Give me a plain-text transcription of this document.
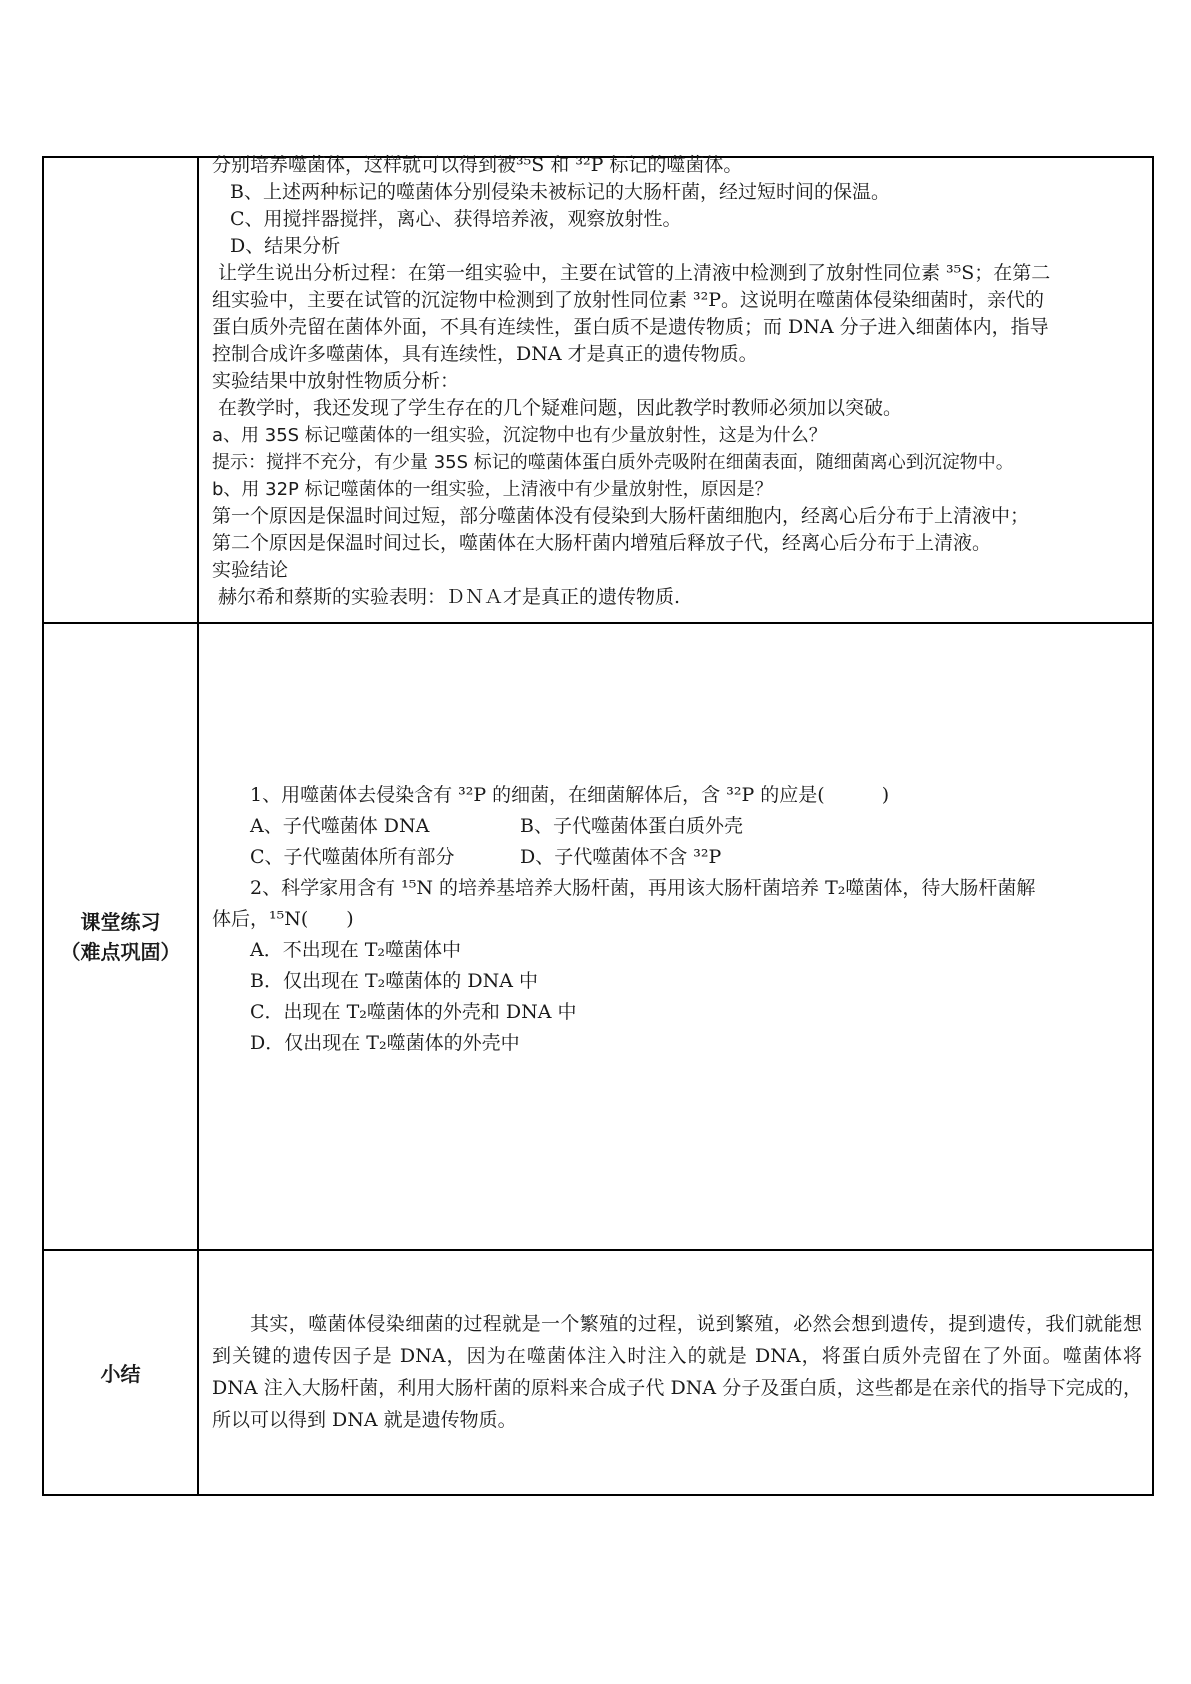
分别培养噬菌体，这样就可以得到被³⁵S 和 ³²P 标记的噬菌体。
B、上述两种标记的噬菌体分别侵染未被标记的大肠杆菌，经过短时间的保温。
C、用搅拌器搅拌，离心、获得培养液，观察放射性。
D、结果分析
让学生说出分析过程：在第一组实验中，主要在试管的上清液中检测到了放射性同位素 ³⁵S；在第二
组实验中，主要在试管的沉淀物中检测到了放射性同位素 ³²P。这说明在噬菌体侵染细菌时，亲代的
蛋白质外壳留在菌体外面，不具有连续性，蛋白质不是遗传物质；而 DNA 分子进入细菌体内，指导
控制合成许多噬菌体，具有连续性，DNA 才是真正的遗传物质。
实验结果中放射性物质分析：
在教学时，我还发现了学生存在的几个疑难问题，因此教学时教师必须加以突破。
a、用 35S 标记噬菌体的一组实验，沉淀物中也有少量放射性，这是为什么？
提示：搅拌不充分，有少量 35S 标记的噬菌体蛋白质外壳吸附在细菌表面，随细菌离心到沉淀物中。
b、用 32P 标记噬菌体的一组实验，上清液中有少量放射性，原因是？
第一个原因是保温时间过短，部分噬菌体没有侵染到大肠杆菌细胞内，经离心后分布于上清液中；
第二个原因是保温时间过长，噬菌体在大肠杆菌内增殖后释放子代，经离心后分布于上清液。
实验结论
赫尔希和蔡斯的实验表明：ＤＮＡ才是真正的遗传物质.
课堂练习
（难点巩固）
1、用噬菌体去侵染含有 ³²P 的细菌，在细菌解体后，含 ³²P 的应是(　　　)
A、子代噬菌体 DNA	B、子代噬菌体蛋白质外壳
C、子代噬菌体所有部分	D、子代噬菌体不含 ³²P
2、科学家用含有 ¹⁵N 的培养基培养大肠杆菌，再用该大肠杆菌培养 T₂噬菌体，待大肠杆菌解
体后，¹⁵N(　　)
A．不出现在 T₂噬菌体中
B．仅出现在 T₂噬菌体的 DNA 中
C．出现在 T₂噬菌体的外壳和 DNA 中
D．仅出现在 T₂噬菌体的外壳中
小结
其实，噬菌体侵染细菌的过程就是一个繁殖的过程，说到繁殖，必然会想到遗传，提到遗传，我们就能想到关键的遗传因子是 DNA，因为在噬菌体注入时注入的就是 DNA，将蛋白质外壳留在了外面。噬菌体将 DNA 注入大肠杆菌，利用大肠杆菌的原料来合成子代 DNA 分子及蛋白质，这些都是在亲代的指导下完成的，所以可以得到 DNA 就是遗传物质。
